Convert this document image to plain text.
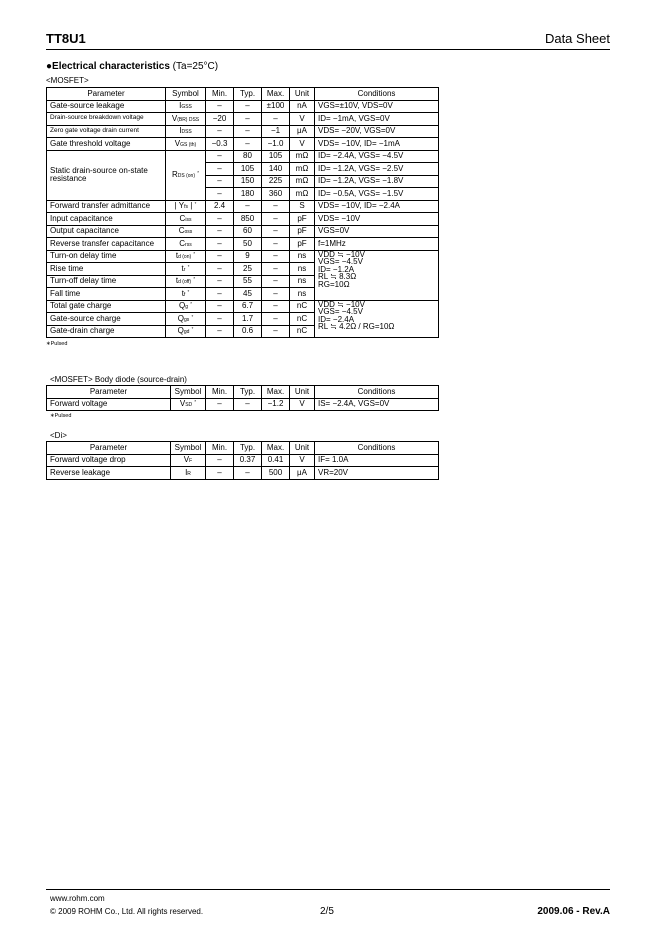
TT8U1	Data Sheet
●Electrical characteristics (Ta=25°C)
<MOSFET>
Parameter	Symbol	Min.	Typ.	Max.	Unit	Conditions
Gate-source leakage	IGSS	–	–	±100	nA	VGS=±10V, VDS=0V
Drain-source breakdown voltage	V(BR) DSS	−20	–	–	V	ID= −1mA, VGS=0V
Zero gate voltage drain current	IDSS	–	–	−1	μA	VDS= −20V, VGS=0V
Gate threshold voltage	VGS (th)	−0.3	–	−1.0	V	VDS= −10V, ID= −1mA
Static drain-source on-state resistance	RDS (on) *	–	80	105	mΩ	ID= −2.4A, VGS= −4.5V
		–	105	140	mΩ	ID= −1.2A, VGS= −2.5V
		–	150	225	mΩ	ID= −1.2A, VGS= −1.8V
		–	180	360	mΩ	ID= −0.5A, VGS= −1.5V
Forward transfer admittance	| Yfs | *	2.4	–	–	S	VDS= −10V, ID= −2.4A
Input capacitance	Ciss	–	850	–	pF	VDS= −10V
Output capacitance	Coss	–	60	–	pF	VGS=0V
Reverse transfer capacitance	Crss	–	50	–	pF	f=1MHz
Turn-on delay time	td (on) *	–	9	–	ns	VDD ≒ −10V
VGS= −4.5V
ID= −1.2A
RL ≒ 8.3Ω
RG=10Ω

Rise time	tr *	–	25	–	ns	
Turn-off delay time	td (off) *	–	55	–	ns	
Fall time	tf *	–	45	–	ns	
Total gate charge	Qg *	–	6.7	–	nC	VDD ≒ −10V
VGS= −4.5V
ID= −2.4A
RL ≒ 4.2Ω / RG=10Ω

Gate-source charge	Qgs *	–	1.7	–	nC	
Gate-drain charge	Qgd *	–	0.6	–	nC	
∗Pulsed
<MOSFET> Body diode (source-drain)
Parameter	Symbol	Min.	Typ.	Max.	Unit	Conditions
Forward voltage	VSD *	–	–	−1.2	V	IS= −2.4A, VGS=0V
∗Pulsed
<Di>
Parameter	Symbol	Min.	Typ.	Max.	Unit	Conditions
Forward voltage drop	VF	–	0.37	0.41	V	IF= 1.0A
Reverse leakage	IR	–	–	500	μA	VR=20V
www.rohm.com
© 2009 ROHM Co., Ltd. All rights reserved.	2/5	2009.06 - Rev.A
